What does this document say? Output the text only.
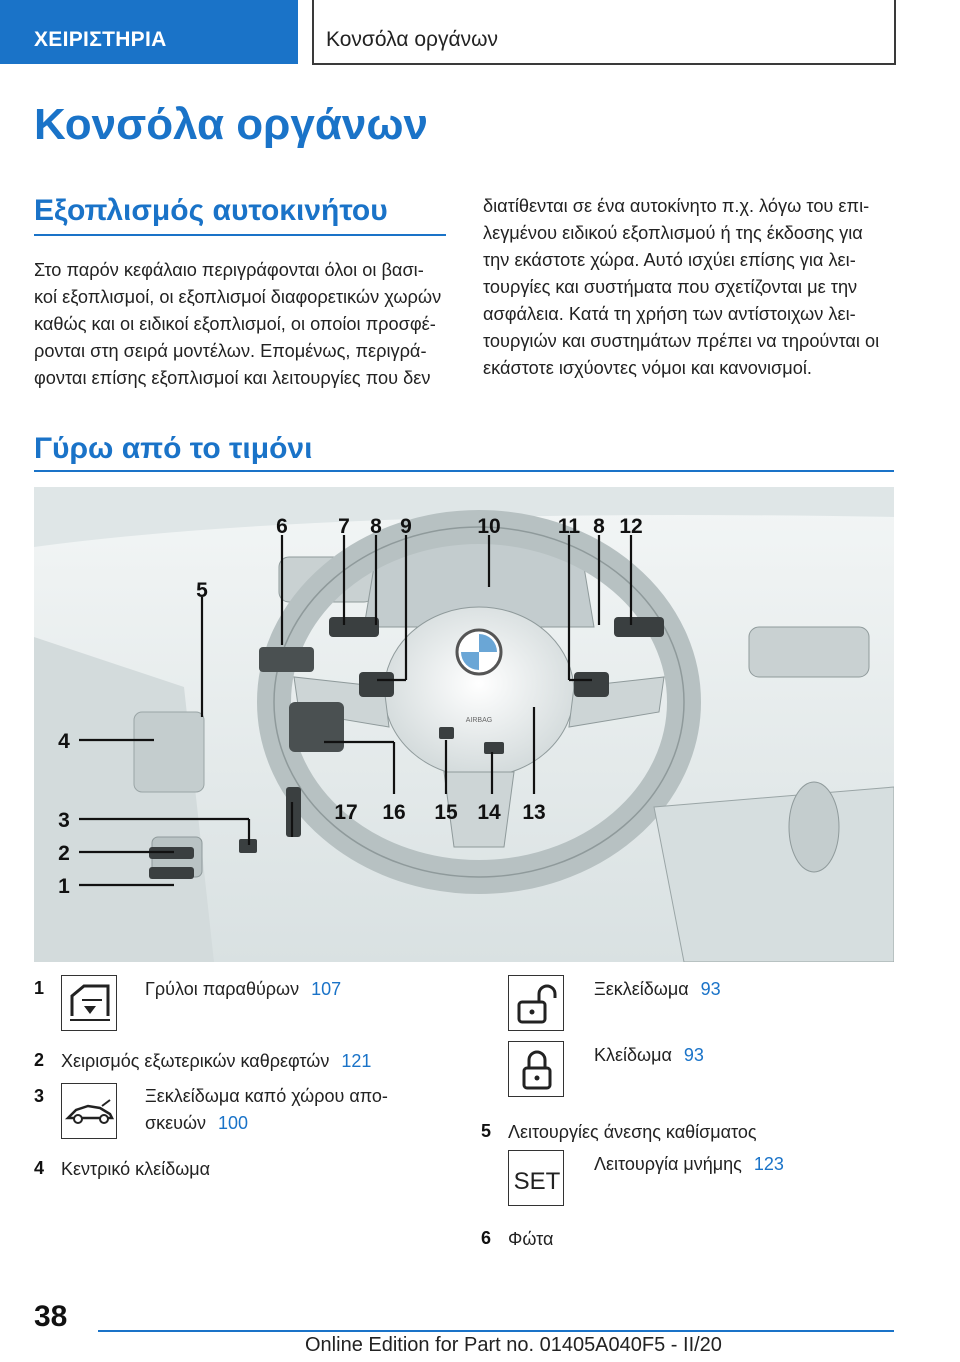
ΧΕΙΡΙΣΤΗΡΙΑ	Κονσόλα οργάνων
Κονσόλα οργάνων
Εξοπλισμός αυτοκινήτου
Στο παρόν κεφάλαιο περιγράφονται όλοι οι βασι-
κοί εξοπλισμοί, οι εξοπλισμοί διαφορετικών χωρών
καθώς και οι ειδικοί εξοπλισμοί, οι οποίοι προσφέ-
ρονται στη σειρά μοντέλων. Επομένως, περιγρά-
φονται επίσης εξοπλισμοί και λειτουργίες που δεν
διατίθενται σε ένα αυτοκίνητο π.χ. λόγω του επι-
λεγμένου ειδικού εξοπλισμού ή της έκδοσης για
την εκάστοτε χώρα. Αυτό ισχύει επίσης για λει-
τουργίες και συστήματα που σχετίζονται με την
ασφάλεια. Κατά τη χρήση των αντίστοιχων λει-
τουργιών και συστημάτων πρέπει να τηρούνται οι
εκάστοτε ισχύοντες νόμοι και κανονισμοί.
Γύρω από το τιμόνι
AIRBAG
6 7 8 9	10	11 8 12
5
4
3
2
1
17 16 15 14 13
1	Γρύλοι παραθύρων 107
2 Χειρισμός εξωτερικών καθρεφτών 121
3	Ξεκλείδωμα καπό χώρου απο-
σκευών 100
4 Κεντρικό κλείδωμα
Ξεκλείδωμα 93
Κλείδωμα 93
5 Λειτουργίες άνεσης καθίσματος
SET
Λειτουργία μνήμης 123
6 Φώτα
38
Online Edition for Part no. 01405A040F5 - II/20
